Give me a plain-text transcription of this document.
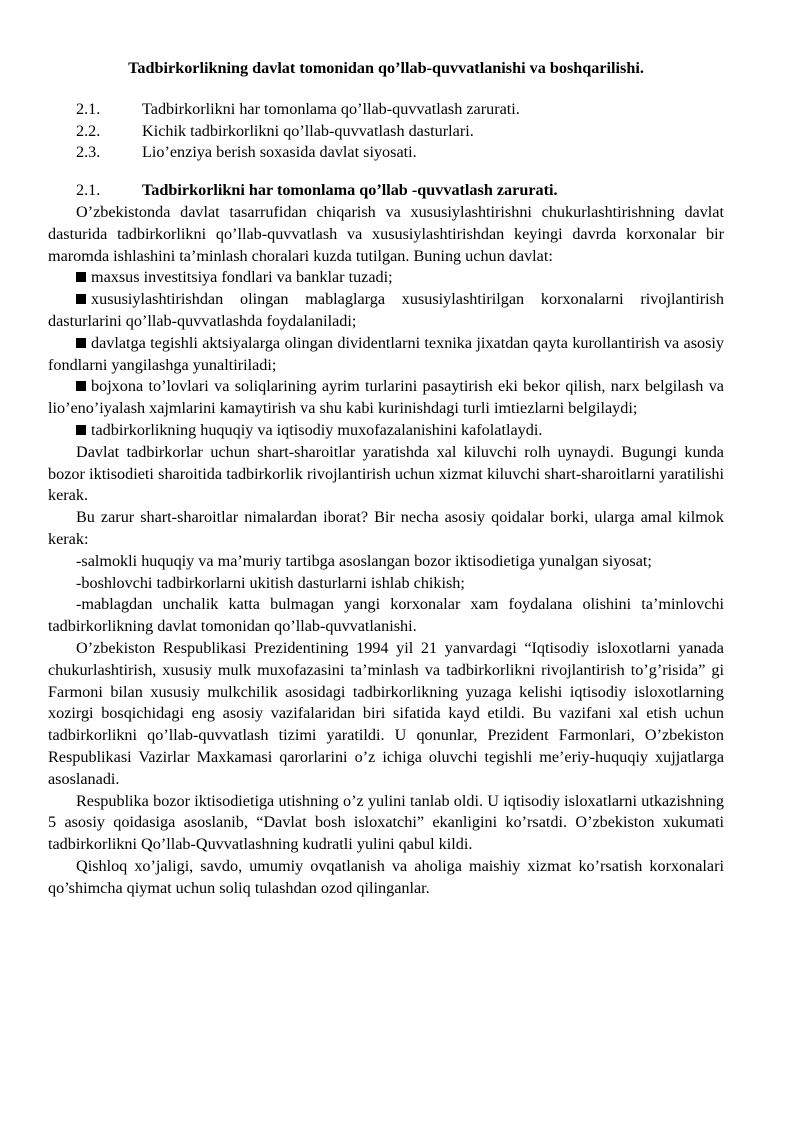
Tadbirkorlikning davlat tomonidan qo’llab-quvvatlanishi va boshqarilishi.
2.1.	Tadbirkorlikni har tomonlama qo’llab-quvvatlash zarurati.
2.2.	Kichik tadbirkorlikni qo’llab-quvvatlash dasturlari.
2.3.	Lio’enziya berish soxasida davlat siyosati.
2.1.	Tadbirkorlikni har tomonlama qo’llab -quvvatlash zarurati.

O’zbekistonda davlat tasarrufidan chiqarish va xususiylashtirishni chukurlashtirishning davlat dasturida tadbirkorlikni qo’llab-quvvatlash va xususiylashtirishdan keyingi davrda korxonalar bir maromda ishlashini ta’minlash choralari kuzda tutilgan. Buning uchun davlat:

maxsus investitsiya fondlari va banklar tuzadi;

xususiylashtirishdan olingan mablaglarga xususiylashtirilgan korxonalarni rivojlantirish dasturlarini qo’llab-quvvatlashda foydalaniladi;

davlatga tegishli aktsiyalarga olingan dividentlarni texnika jixatdan qayta kurollantirish va asosiy fondlarni yangilashga yunaltiriladi;

bojxona to’lovlari va soliqlarining ayrim turlarini pasaytirish eki bekor qilish, narx belgilash va lio’eno’iyalash xajmlarini kamaytirish va shu kabi kurinishdagi turli imtiezlarni belgilaydi;

tadbirkorlikning huquqiy va iqtisodiy muxofazalanishini kafolatlaydi.

Davlat tadbirkorlar uchun shart-sharoitlar yaratishda xal kiluvchi rolh uynaydi. Bugungi kunda bozor iktisodieti sharoitida tadbirkorlik rivojlantirish uchun xizmat kiluvchi shart-sharoitlarni yaratilishi kerak.

Bu zarur shart-sharoitlar nimalardan iborat? Bir necha asosiy qoidalar borki, ularga amal kilmok kerak:

-salmokli huquqiy va ma’muriy tartibga asoslangan bozor iktisodietiga yunalgan siyosat;

-boshlovchi tadbirkorlarni ukitish dasturlarni ishlab chikish;

-mablagdan unchalik katta bulmagan yangi korxonalar xam foydalana olishini ta’minlovchi tadbirkorlikning davlat tomonidan qo’llab-quvvatlanishi.

O’zbekiston Respublikasi Prezidentining 1994 yil 21 yanvardagi “Iqtisodiy isloxotlarni yanada chukurlashtirish, xususiy mulk muxofazasini ta’minlash va tadbirkorlikni rivojlantirish to’g’risida” gi Farmoni bilan xususiy mulkchilik asosidagi tadbirkorlikning yuzaga kelishi iqtisodiy isloxotlarning xozirgi bosqichidagi eng asosiy vazifalaridan biri sifatida kayd etildi. Bu vazifani xal etish uchun tadbirkorlikni qo’llab-quvvatlash tizimi yaratildi. U qonunlar, Prezident Farmonlari, O’zbekiston Respublikasi Vazirlar Maxkamasi qarorlarini o’z ichiga oluvchi tegishli me’eriy-huquqiy xujjatlarga asoslanadi.

Respublika bozor iktisodietiga utishning o’z yulini tanlab oldi. U iqtisodiy isloxatlarni utkazishning 5 asosiy qoidasiga asoslanib, “Davlat bosh isloxatchi” ekanligini ko’rsatdi. O’zbekiston xukumati tadbirkorlikni Qo’llab-Quvvatlashning kudratli yulini qabul kildi.

Qishloq xo’jaligi, savdo, umumiy ovqatlanish va aholiga maishiy xizmat ko’rsatish korxonalari qo’shimcha qiymat uchun soliq tulashdan ozod qilinganlar.
